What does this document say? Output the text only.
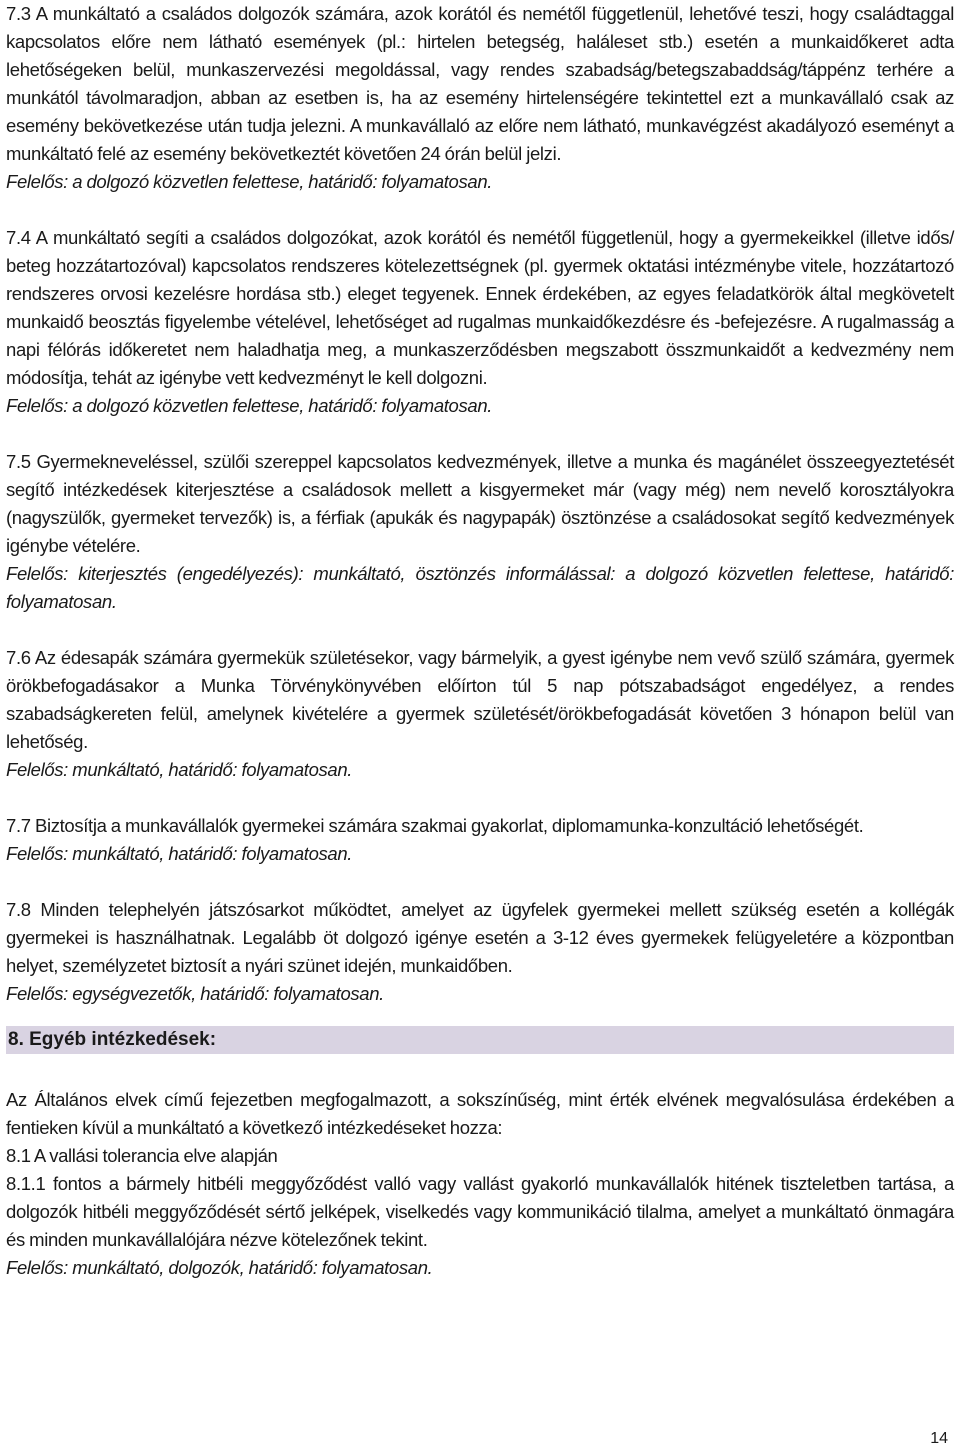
7.3 A munkáltató a családos dolgozók számára, azok korától és nemétől függetlenül, lehetővé teszi, hogy családtaggal kapcsolatos előre nem látható események (pl.: hirtelen betegség, haláleset stb.) esetén a munkaidőkeret adta lehetőségeken belül, munkaszervezési megoldással, vagy rendes szabadság/betegszabaddság/táppénz terhére a munkától távolmaradjon, abban az esetben is, ha az esemény hirtelenségére tekintettel ezt a munkavállaló csak az esemény bekövetkezése után tudja jelezni. A munkavállaló az előre nem látható, munkavégzést akadályozó eseményt a munkáltató felé az esemény bekövetkeztét követően 24 órán belül jelzi.

Felelős: a dolgozó közvetlen felettese, határidő: folyamatosan.

7.4 A munkáltató segíti a családos dolgozókat, azok korától és nemétől függetlenül, hogy a gyermekeikkel (illetve idős/ beteg hozzátartozóval) kapcsolatos rendszeres kötelezettségnek (pl. gyermek oktatási intézménybe vitele, hozzátartozó rendszeres orvosi kezelésre hordása stb.) eleget tegyenek. Ennek érdekében, az egyes feladatkörök által megkövetelt munkaidő beosztás figyelembe vételével, lehetőséget ad rugalmas munkaidőkezdésre és -befejezésre. A rugalmasság a napi félórás időkeretet nem haladhatja meg, a munkaszerződésben megszabott összmunkaidőt a kedvezmény nem módosítja, tehát az igénybe vett kedvezményt le kell dolgozni.

Felelős: a dolgozó közvetlen felettese, határidő: folyamatosan.

7.5 Gyermekneveléssel, szülői szereppel kapcsolatos kedvezmények, illetve a munka és magánélet összeegyeztetését segítő intézkedések kiterjesztése a családosok mellett a kisgyermeket már (vagy még) nem nevelő korosztályokra (nagyszülők, gyermeket tervezők) is, a férfiak (apukák és nagypapák) ösztönzése a családosokat segítő kedvezmények igénybe vételére.

Felelős: kiterjesztés (engedélyezés): munkáltató, ösztönzés informálással: a dolgozó közvetlen felettese, határidő: folyamatosan.

7.6 Az édesapák számára gyermekük születésekor, vagy bármelyik, a gyest igénybe nem vevő szülő számára, gyermek örökbefogadásakor a Munka Törvénykönyvében előírton túl 5 nap pótszabadságot engedélyez, a rendes szabadságkereten felül, amelynek kivételére a gyermek születését/örökbefogadását követően 3 hónapon belül van lehetőség.

Felelős: munkáltató, határidő: folyamatosan.

7.7 Biztosítja a munkavállalók gyermekei számára szakmai gyakorlat, diplomamunka-konzultáció lehetőségét.

Felelős: munkáltató, határidő: folyamatosan.

7.8 Minden telephelyén játszósarkot működtet, amelyet az ügyfelek gyermekei mellett szükség esetén a kollégák gyermekei is használhatnak. Legalább öt dolgozó igénye esetén a 3-12 éves gyermekek felügyeletére a központban helyet, személyzetet biztosít a nyári szünet idején, munkaidőben.

Felelős: egységvezetők, határidő: folyamatosan.

8. Egyéb intézkedések:

Az Általános elvek című fejezetben megfogalmazott, a sokszínűség, mint érték elvének megvalósulása érdekében a fentieken kívül a munkáltató a következő intézkedéseket hozza:

8.1 A vallási tolerancia elve alapján

8.1.1 fontos a bármely hitbéli meggyőződést valló vagy vallást gyakorló munkavállalók hitének tiszteletben tartása, a dolgozók hitbéli meggyőződését sértő jelképek, viselkedés vagy kommunikáció tilalma, amelyet a munkáltató önmagára és minden munkavállalójára nézve kötelezőnek tekint.

Felelős: munkáltató, dolgozók, határidő: folyamatosan.

14
